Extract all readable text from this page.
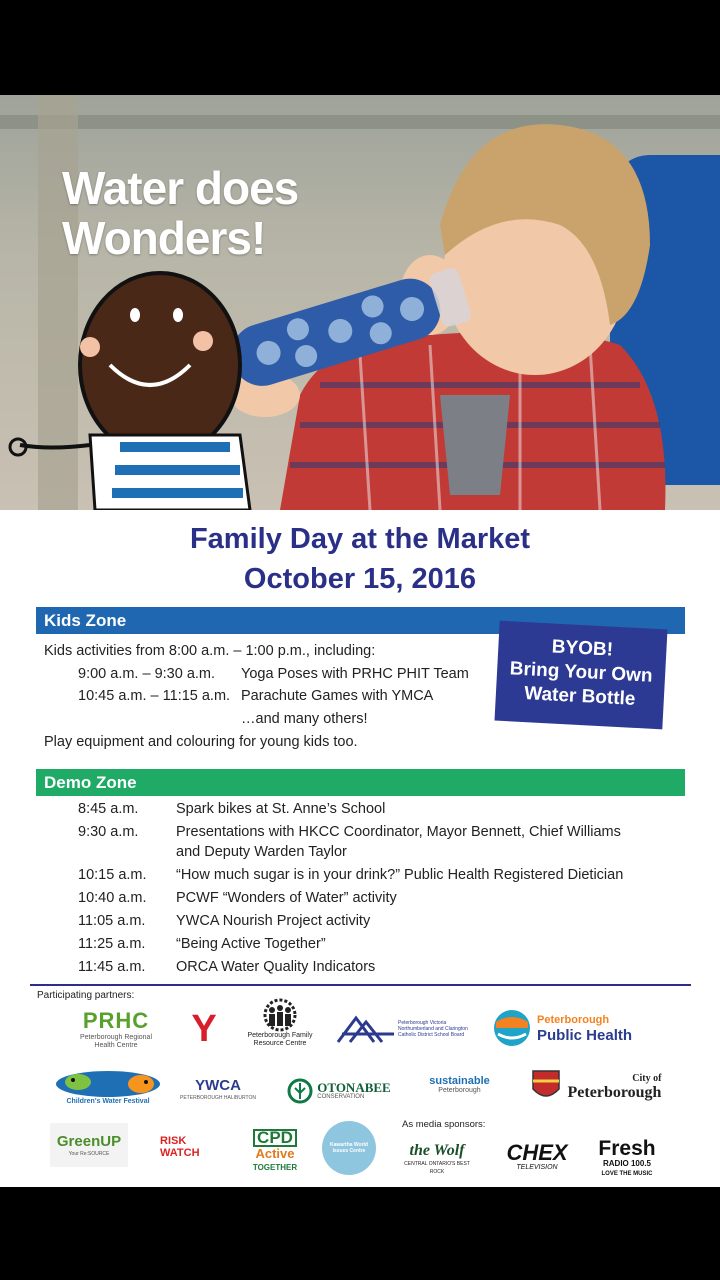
Water does
Wonders!
Family Day at the Market
October 15, 2016
Kids Zone
Kids activities from 8:00 a.m. – 1:00 p.m., including:
9:00 a.m. – 9:30 a.m. Yoga Poses with PRHC PHIT Team
10:45 a.m. – 11:15 a.m. Parachute Games with YMCA
…and many others!
Play equipment and colouring for young kids too.
BYOB!
Bring Your Own
Water Bottle
Demo Zone
8:45 a.m.	Spark bikes at St. Anne’s School
9:30 a.m.	Presentations with HKCC Coordinator, Mayor Bennett, Chief Williams
and Deputy Warden Taylor
10:15 a.m. “How much sugar is in your drink?” Public Health Registered Dietician
10:40 a.m. PCWF “Wonders of Water” activity
11:05 a.m. YWCA Nourish Project activity
11:25 a.m. “Being Active Together”
11:45 a.m. ORCA Water Quality Indicators
Participating partners:
PRHC
Peterborough Regional Health Centre	Y	Peterborough Family Resource Centre
Peterborough Victoria Northumberland and Clarington Catholic District School Board
Peterborough
Public Health
Children's Water Festival
YWCA
PETERBOROUGH HALIBURTON
OTONABEE
CONSERVATION
sustainable
Peterborough
City of
Peterborough
GreenUP
Your Re:SOURCE
RISK
WATCH
CPD
Active
TOGETHER
Kawartha World Issues Centre
As media sponsors:
the Wolf
CENTRAL ONTARIO'S BEST ROCK
CHEX
TELEVISION
Fresh
RADIO 100.5
LOVE THE MUSIC
